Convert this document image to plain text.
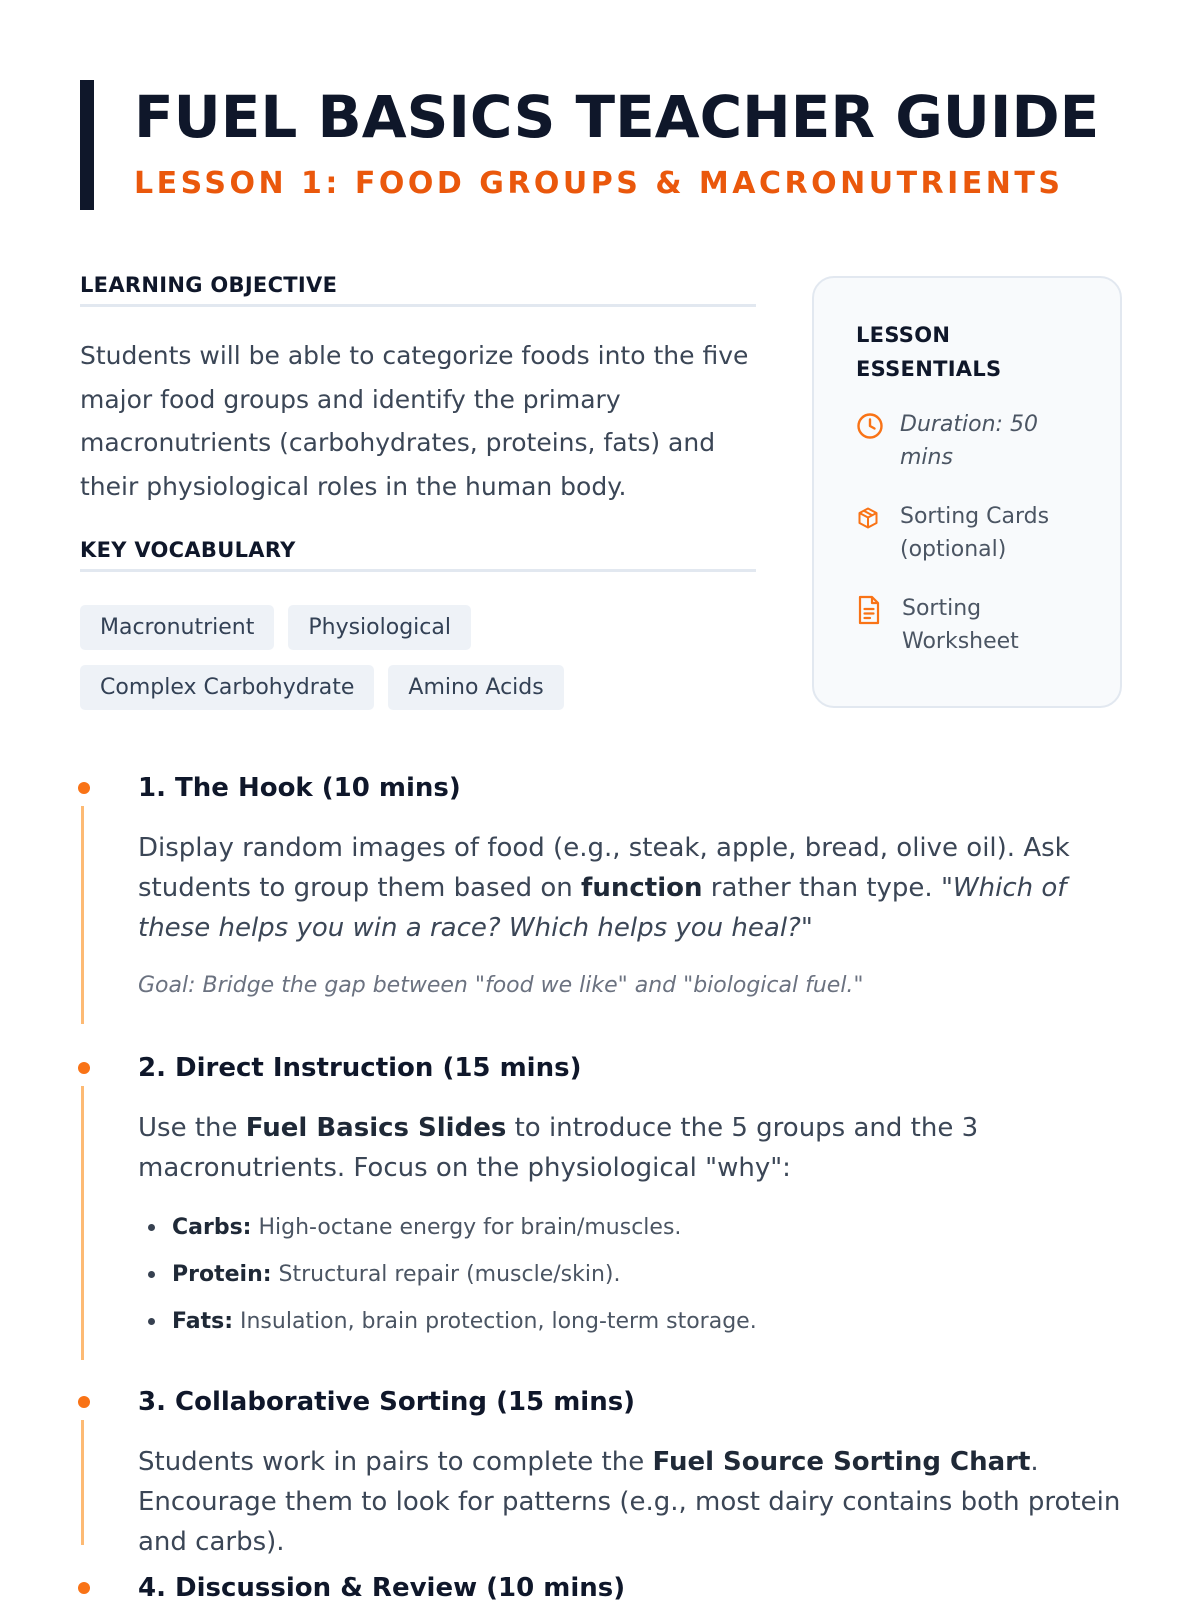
FUEL BASICS TEACHER GUIDE
LESSON 1: FOOD GROUPS & MACRONUTRIENTS
LEARNING OBJECTIVE

Students will be able to categorize foods into the five major food groups and identify the primary macronutrients (carbohydrates, proteins, fats) and their physiological roles in the human body.

KEY VOCABULARY
Macronutrient	Physiological
Complex Carbohydrate	Amino Acids
LESSON ESSENTIALS
Duration: 50 mins
Sorting Cards (optional)
Sorting Worksheet
1. The Hook (10 mins)

Display random images of food (e.g., steak, apple, bread, olive oil). Ask students to group them based on function rather than type. "Which of these helps you win a race? Which helps you heal?"

Goal: Bridge the gap between "food we like" and "biological fuel."
2. Direct Instruction (15 mins)

Use the Fuel Basics Slides to introduce the 5 groups and the 3 macronutrients. Focus on the physiological "why":

Carbs: High-octane energy for brain/muscles.
Protein: Structural repair (muscle/skin).
Fats: Insulation, brain protection, long-term storage.
3. Collaborative Sorting (15 mins)

Students work in pairs to complete the Fuel Source Sorting Chart. Encourage them to look for patterns (e.g., most dairy contains both protein and carbs).

4. Discussion & Review (10 mins)
